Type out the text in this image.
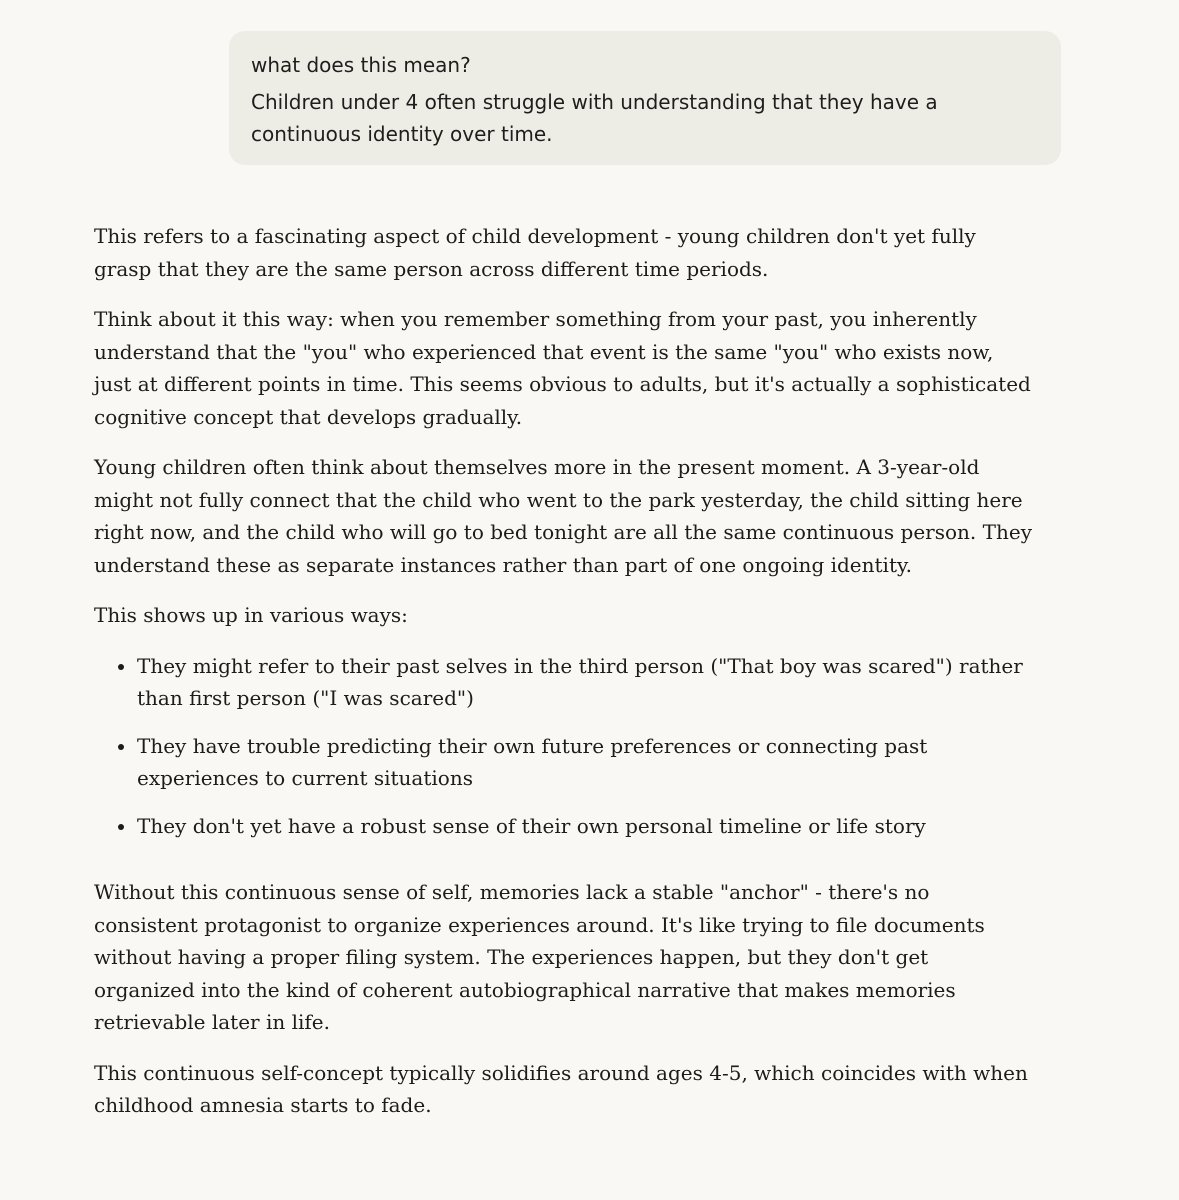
what does this mean?

Children under 4 often struggle with understanding that they have a continuous identity over time.

This refers to a fascinating aspect of child development - young children don't yet fully grasp that they are the same person across different time periods.

Think about it this way: when you remember something from your past, you inherently understand that the "you" who experienced that event is the same "you" who exists now, just at different points in time. This seems obvious to adults, but it's actually a sophisticated cognitive concept that develops gradually.

Young children often think about themselves more in the present moment. A 3-year-old might not fully connect that the child who went to the park yesterday, the child sitting here right now, and the child who will go to bed tonight are all the same continuous person. They understand these as separate instances rather than part of one ongoing identity.

This shows up in various ways:

• They might refer to their past selves in the third person ("That boy was scared") rather than first person ("I was scared")
• They have trouble predicting their own future preferences or connecting past experiences to current situations
• They don't yet have a robust sense of their own personal timeline or life story

Without this continuous sense of self, memories lack a stable "anchor" - there's no consistent protagonist to organize experiences around. It's like trying to file documents without having a proper filing system. The experiences happen, but they don't get organized into the kind of coherent autobiographical narrative that makes memories retrievable later in life.

This continuous self-concept typically solidifies around ages 4-5, which coincides with when childhood amnesia starts to fade.
